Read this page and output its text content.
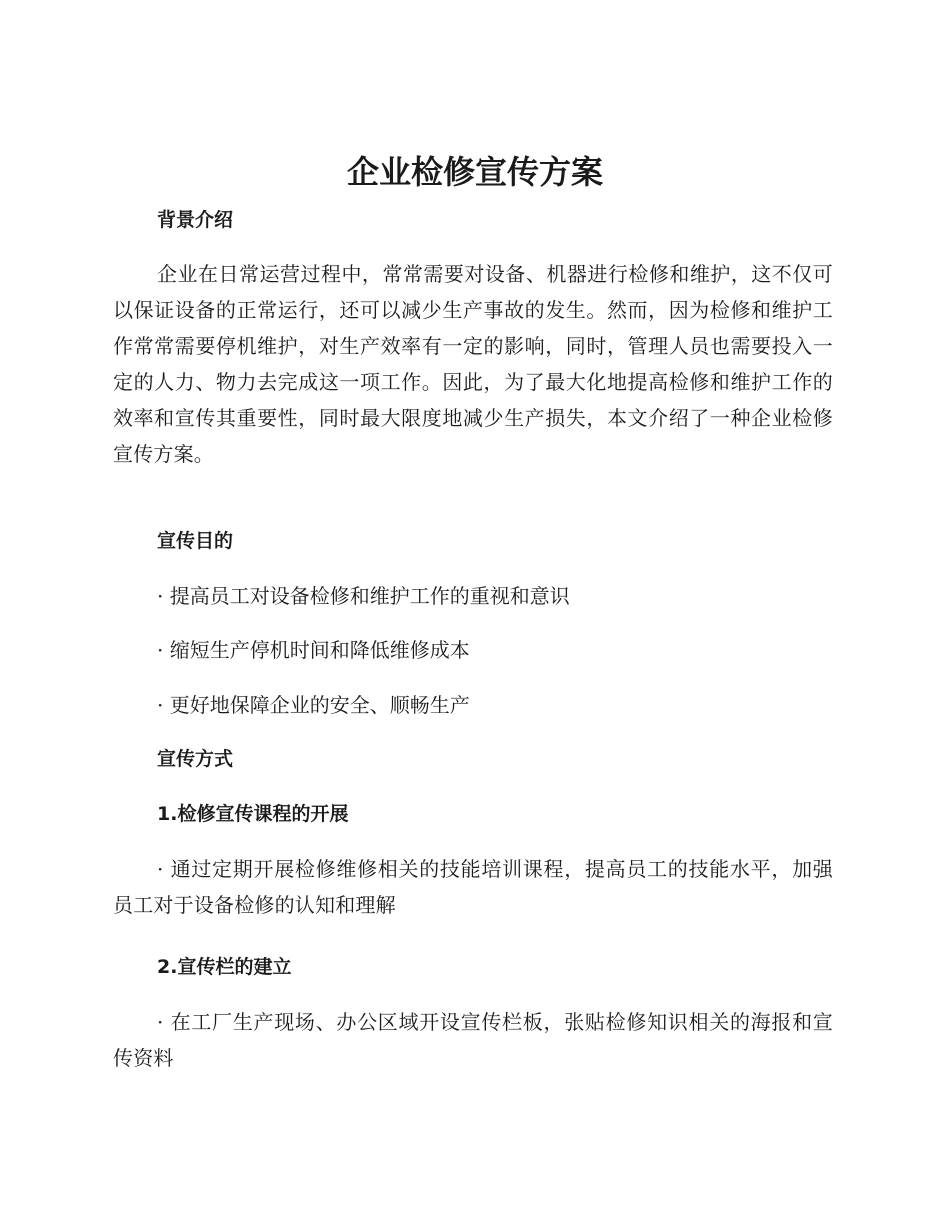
企业检修宣传方案
背景介绍

企业在日常运营过程中，常常需要对设备、机器进行检修和维护，这不仅可以保证设备的正常运行，还可以减少生产事故的发生。然而，因为检修和维护工作常常需要停机维护，对生产效率有一定的影响，同时，管理人员也需要投入一定的人力、物力去完成这一项工作。因此，为了最大化地提高检修和维护工作的效率和宣传其重要性，同时最大限度地减少生产损失，本文介绍了一种企业检修宣传方案。

宣传目的
· 提高员工对设备检修和维护工作的重视和意识
· 缩短生产停机时间和降低维修成本
· 更好地保障企业的安全、顺畅生产
宣传方式
1.检修宣传课程的开展

· 通过定期开展检修维修相关的技能培训课程，提高员工的技能水平，加强员工对于设备检修的认知和理解

2.宣传栏的建立

· 在工厂生产现场、办公区域开设宣传栏板，张贴检修知识相关的海报和宣传资料
